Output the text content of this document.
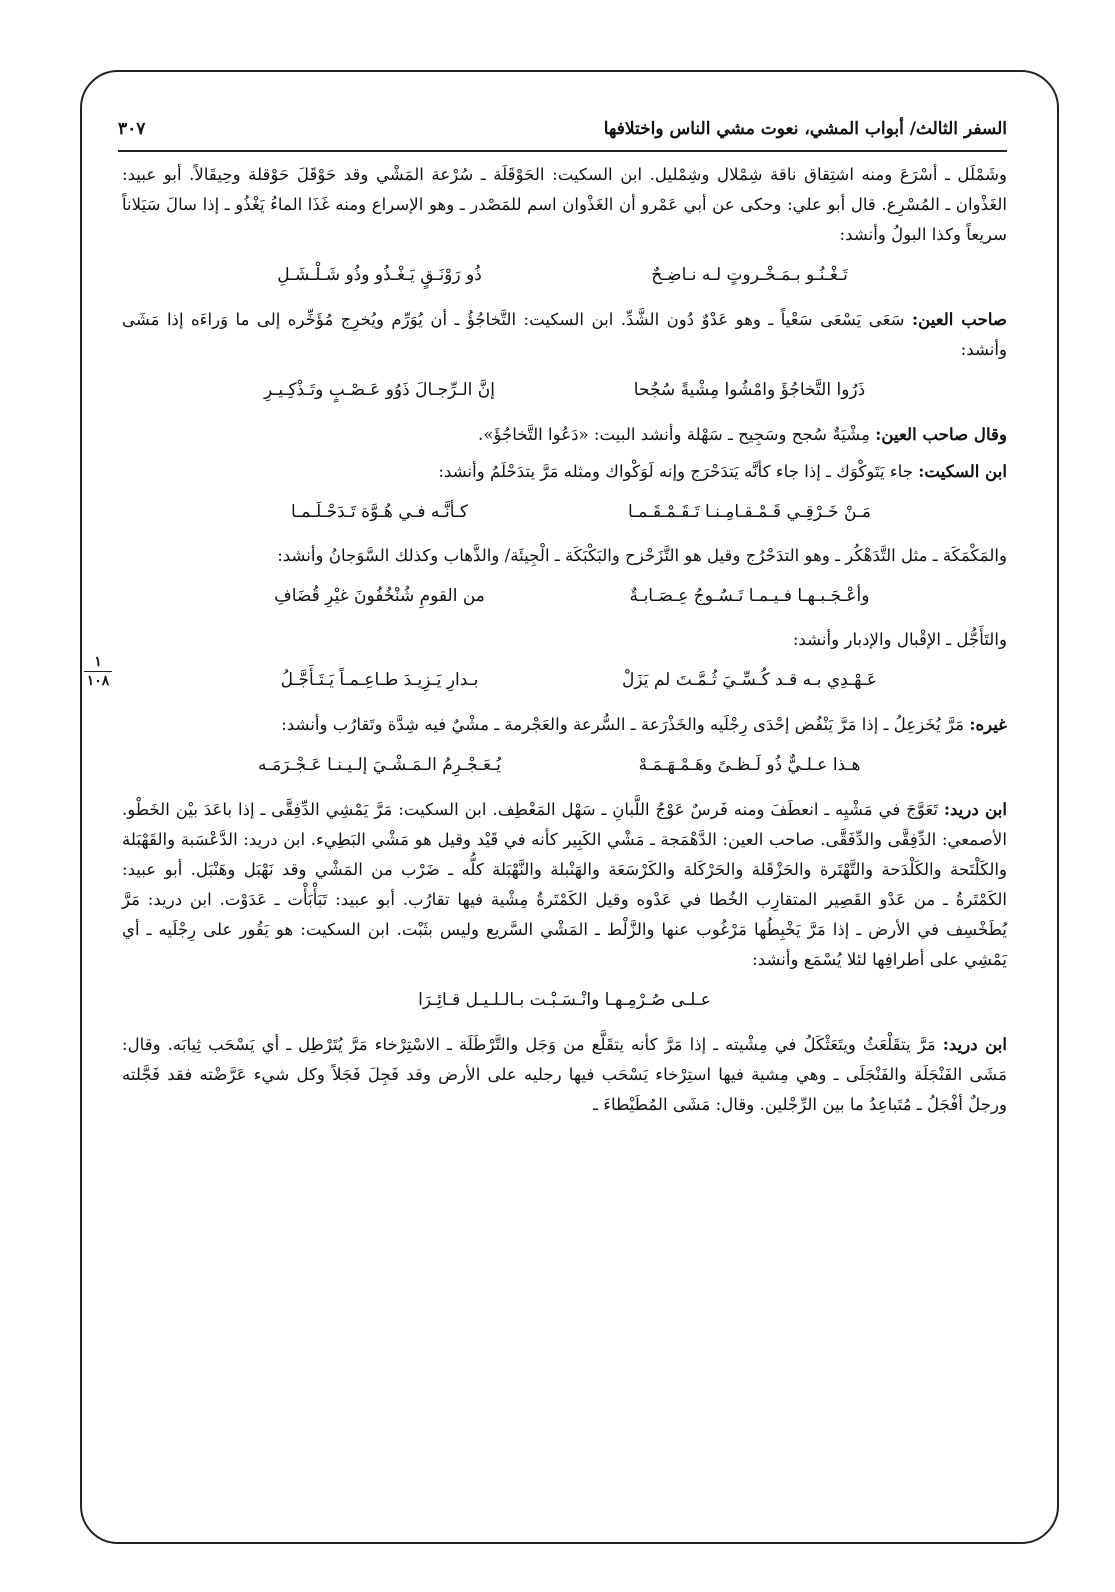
السفر الثالث/ أبواب المشي، نعوت مشي الناس واختلافها
٣٠٧
١
١٠٨

وشَمْلَل ـ أسْرَعَ ومنه اشتِقاق ناقة شِمْلال وشِمْليل. ابن السكيت: الحَوْقَلَة ـ سُرْعة المَشْي وقد حَوْقَلَ حَوْقلة وحِيقَالاً. أبو عبيد: الغَذْوان ـ المُسْرِع. قال أبو علي: وحكى عن أبي عَمْرو أن الغَذْوان اسم للمَصْدر ـ وهو الإسراع ومنه غَذَا الماءُ يَغْذُو ـ إذا سالَ سَيَلاناً سريعاً وكذا البولُ وأنشد:

تَـغْـنُـو بـمَـخْـروتٍ لـه نـاضِـحٌ
ذُو رَوْنَـقٍ يَـغْـذُو وذُو شَـلْـشَـلِ

صاحب العين: سَعَى يَسْعَى سَعْياً ـ وهو عَدْوٌ دُون الشَّدِّ. ابن السكيت: التَّخاجُؤُ ـ أن يُوَرِّم ويُخرِج مُؤَخِّره إلى ما وَراءَه إذا مَشَى وأنشد:

ذَرُوا التَّخاجُؤَ وامْشُوا مِشْيةً سُجُحا
إنَّ الـرِّجـالَ ذَوُو عَـصْـبٍ وتَـذْكِـيـرِ

وقال صاحب العين: مِشْيَةٌ سُجح وسَجِيح ـ سَهْلة وأنشد البيت: «دَعُوا التَّخاجُؤَ».

ابن السكيت: جاء يَتَوكْوَك ـ إذا جاء كأنَّه يَتدَحْرَج وإنه لَوَكْواك ومثله مَرَّ يتدَحْلَمُ وأنشد:

مَـنْ خَـرْقِـي قَـمْـقـامِـنـا تَـقَـمْـقَـمـا
كـأنَّـه فـي هُـوَّة تَـدَحْـلَـمـا

والمَكْمَكَة ـ مثل التَّدَهْكُر ـ وهو التدَحْرُج وقيل هو التَّزَحْزح والبَكْبَكَة ـ الْجِيئَة/ والذَّهاب وكذلك السَّوَجانُ وأنشد:

وأعْـجَـبـهـا فـيـمـا تَـسُـوجُ عِـصَـابـةٌ
من القومِ شُنْخُفُونَ غيْرِ قُضَافِ

والتَأَجُّل ـ الإقْبال والإدبار وأنشد:

عَـهْـدِي بـه قـد كُـسِّـيَ ثُـمَّـتَ لم يَزَلْ
بـدارِ يَـزِيـدَ طـاعِـمـاً يَـتَـأَجَّـلُ

غيره: مَرَّ يُخَزعِلُ ـ إذا مَرَّ يَنْفُض إحْدَى رِجْلَيه والخَذْرَعة ـ السُّرعة والعَجْرمة ـ مشْيٌ فيه شِدَّة وتَقارُب وأنشد:

هـذا عـلـيٌّ ذُو لَـظـىً وهَـمْـهَـمَـهْ
يُـعَـجْـرِمُ الـمَـشْـيَ إلـيـنـا عَـجْـرَمَـه

ابن دريد: تَعَوَّجَ في مَشْيِه ـ انعطَفَ ومنه فَرسٌ عَوْجُ اللَّبانِ ـ سَهْل المَعْطِف. ابن السكيت: مَرَّ يَمْشِي الدِّفِقَّى ـ إذا باعَدَ بيْن الخَطْو. الأصمعي: الدِّفِقَّى والدِّفَقَّى. صاحب العين: الدَّهْمَجة ـ مَشْي الكَبِير كأنه في قَيْد وقيل هو مَشْي البَطِيء. ابن دريد: الدَّعْسَبة والقَهْبَلة والكَلْتَحة والكَلْدَحة والتَّهْتَرة والحَزْقَلة والحَرْكَلة والكَرْسَعَة والهَنْبلة والنَّهْبَلة كلُّه ـ ضَرْب من المَشْي وقد نَهْبَل وهَنْبَل. أبو عبيد: الكَمْتَرةُ ـ من عَدْو القَصِير المتقارِب الخُطا في عَدْوه وقيل الكَمْتَرةُ مِشْية فيها تقارُب. أبو عبيد: تَبَأْبَأْت ـ عَدَوْت. ابن دريد: مَرَّ يُطَخْسِف في الأرض ـ إذا مَرَّ يَخْبِطُها مَرْغُوب عنها والزَّلْط ـ المَشْي السَّريع وليس بثَبْت. ابن السكيت: هو يَقُور على رِجْلَيه ـ أي يَمْشِي على أطرافِها لئلا يُسْمَع وأنشد:

عـلـى صُـرْمِـهـا وانْـسَـبْـت بـالـلـيـل قـائِـرَا

ابن دريد: مَرَّ يتقَلْعَثُ ويتَعَثْكَلُ في مِشْيته ـ إذا مَرَّ كأنه يتقَلَّع من وَجَل والتَّرْطَلَة ـ الاسْتِرْخاء مَرَّ يُتَرْطِل ـ أي يَسْحَب ثِيابَه. وقال: مَشَى الفَنْجَلَة والفَنْجَلَى ـ وهي مِشية فيها استِرْخاء يَسْحَب فيها رجليه على الأرض وقد فَجِلَ فَجَلاً وكل شيء عَرَّضْته فقد فَجَّلته ورجلٌ أفْجَلُ ـ مُتَباعِدُ ما بين الرِّجْلين. وقال: مَشَى المُطَيْطاءَ ـ
